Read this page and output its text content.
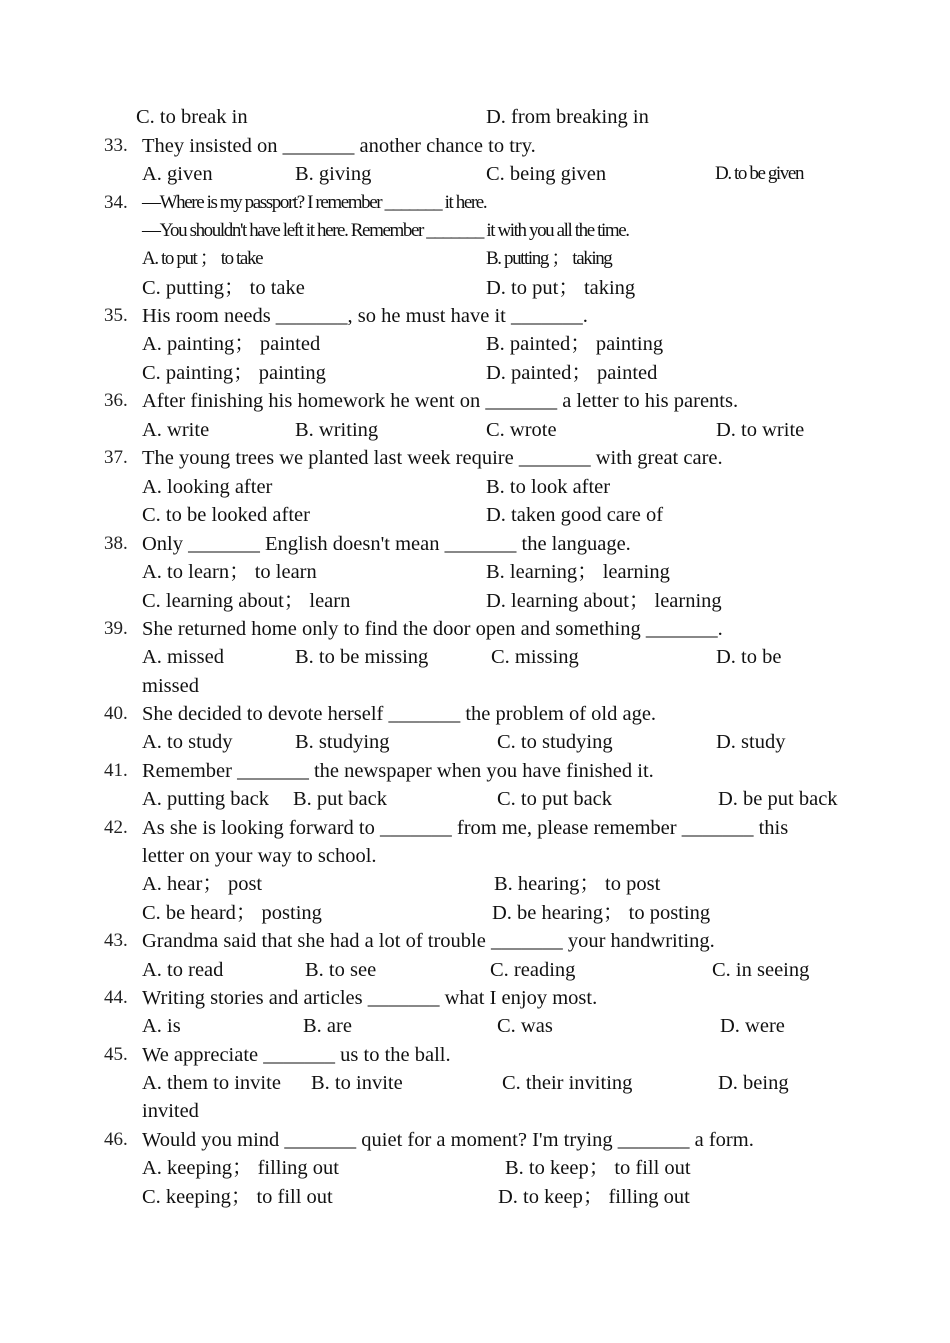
C. to break in	D. from breaking in
33. They insisted on _______ another chance to try.
A. given	B. giving	C. being given	D. to be given
34. —Where is my passport? I remember _______ it here.
—You shouldn't have left it here. Remember _______ it with you all the time.
A. to put ； to take	B. putting ； taking
C. putting； to take	D. to put； taking
35. His room needs _______, so he must have it _______.
A. painting； painted	B. painted； painting
C. painting； painting	D. painted； painted
36. After finishing his homework he went on _______ a letter to his parents.
A. write	B. writing	C. wrote	D. to write
37. The young trees we planted last week require _______ with great care.
A. looking after	B. to look after
C. to be looked after	D. taken good care of
38. Only _______ English doesn't mean _______ the language.
A. to learn； to learn	B. learning； learning
C. learning about； learn	D. learning about； learning
39. She returned home only to find the door open and something _______.
A. missed	B. to be missing	C. missing	D. to be
missed
40. She decided to devote herself _______ the problem of old age.
A. to study	B. studying	C. to studying	D. study
41. Remember _______ the newspaper when you have finished it.
A. putting back B. put back	C. to put back	D. be put back
42. As she is looking forward to _______ from me, please remember _______ this
letter on your way to school.
A. hear； post	B. hearing； to post
C. be heard； posting	D. be hearing； to posting
43. Grandma said that she had a lot of trouble _______ your handwriting.
A. to read	B. to see	C. reading	C. in seeing
44. Writing stories and articles _______ what I enjoy most.
A. is	B. are	C. was	D. were
45. We appreciate _______ us to the ball.
A. them to invite B. to invite	C. their inviting	D. being
invited
46. Would you mind _______ quiet for a moment? I'm trying _______ a form.
A. keeping； filling out	B. to keep； to fill out
C. keeping； to fill out	D. to keep； filling out
